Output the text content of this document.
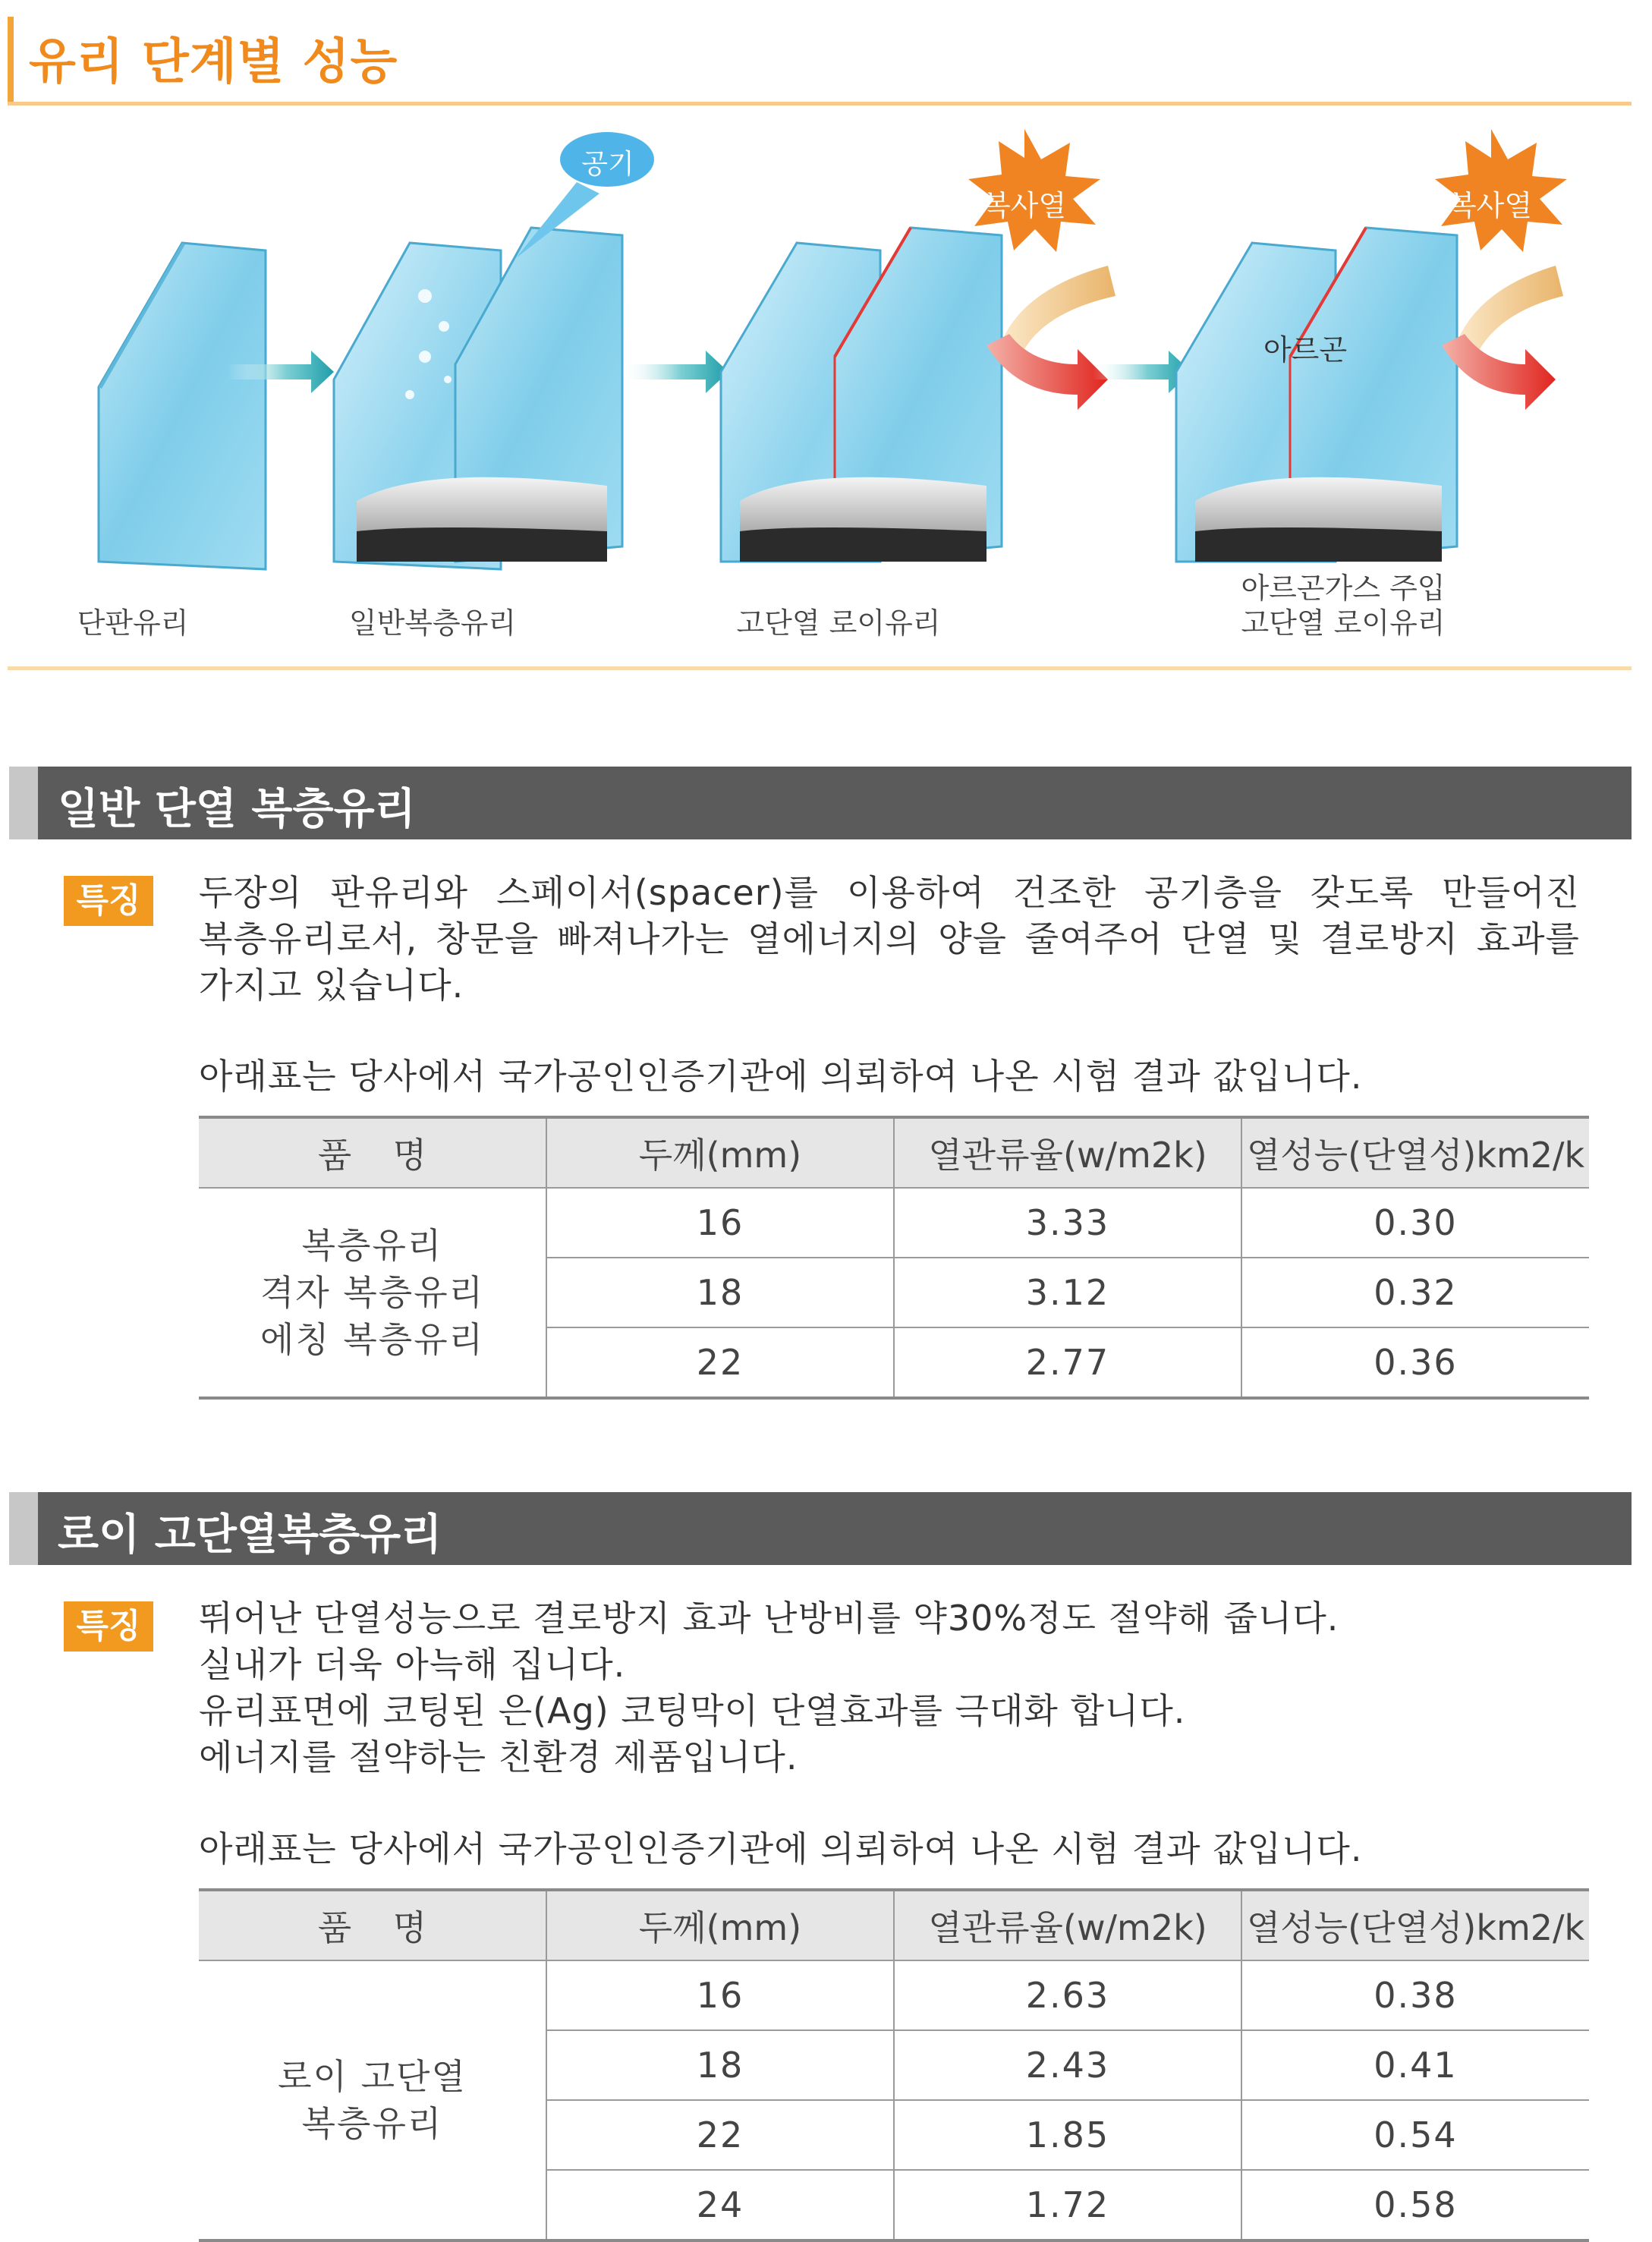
유리 단계별 성능
공기
복사열	복사열
아르곤
단판유리	일반복층유리	고단열 로이유리
아르곤가스 주입
고단열 로이유리
일반 단열 복층유리
특징	두장의 판유리와 스페이서(spacer)를 이용하여 건조한 공기층을 갖도록 만들어진
복층유리로서, 창문을 빠져나가는 열에너지의 양을 줄여주어 단열 및 결로방지 효과를
가지고 있습니다.
아래표는 당사에서 국가공인인증기관에 의뢰하여 나온 시험 결과 값입니다.
품 명	두께(mm)	열관류율(w/m2k)	열성능(단열성)km2/k

복층유리
격자 복층유리
에칭 복층유리	16	3.33	0.30
	18	3.12	0.32
	22	2.77	0.36
로이 고단열복층유리
특징	뛰어난 단열성능으로 결로방지 효과 난방비를 약30%정도 절약해 줍니다.
실내가 더욱 아늑해 집니다.
유리표면에 코팅된 은(Ag) 코팅막이 단열효과를 극대화 합니다.
에너지를 절약하는 친환경 제품입니다.
아래표는 당사에서 국가공인인증기관에 의뢰하여 나온 시험 결과 값입니다.
품 명	두께(mm)	열관류율(w/m2k)	열성능(단열성)km2/k

로이 고단열
복층유리	16	2.63	0.38
	18	2.43	0.41
	22	1.85	0.54
	24	1.72	0.58
